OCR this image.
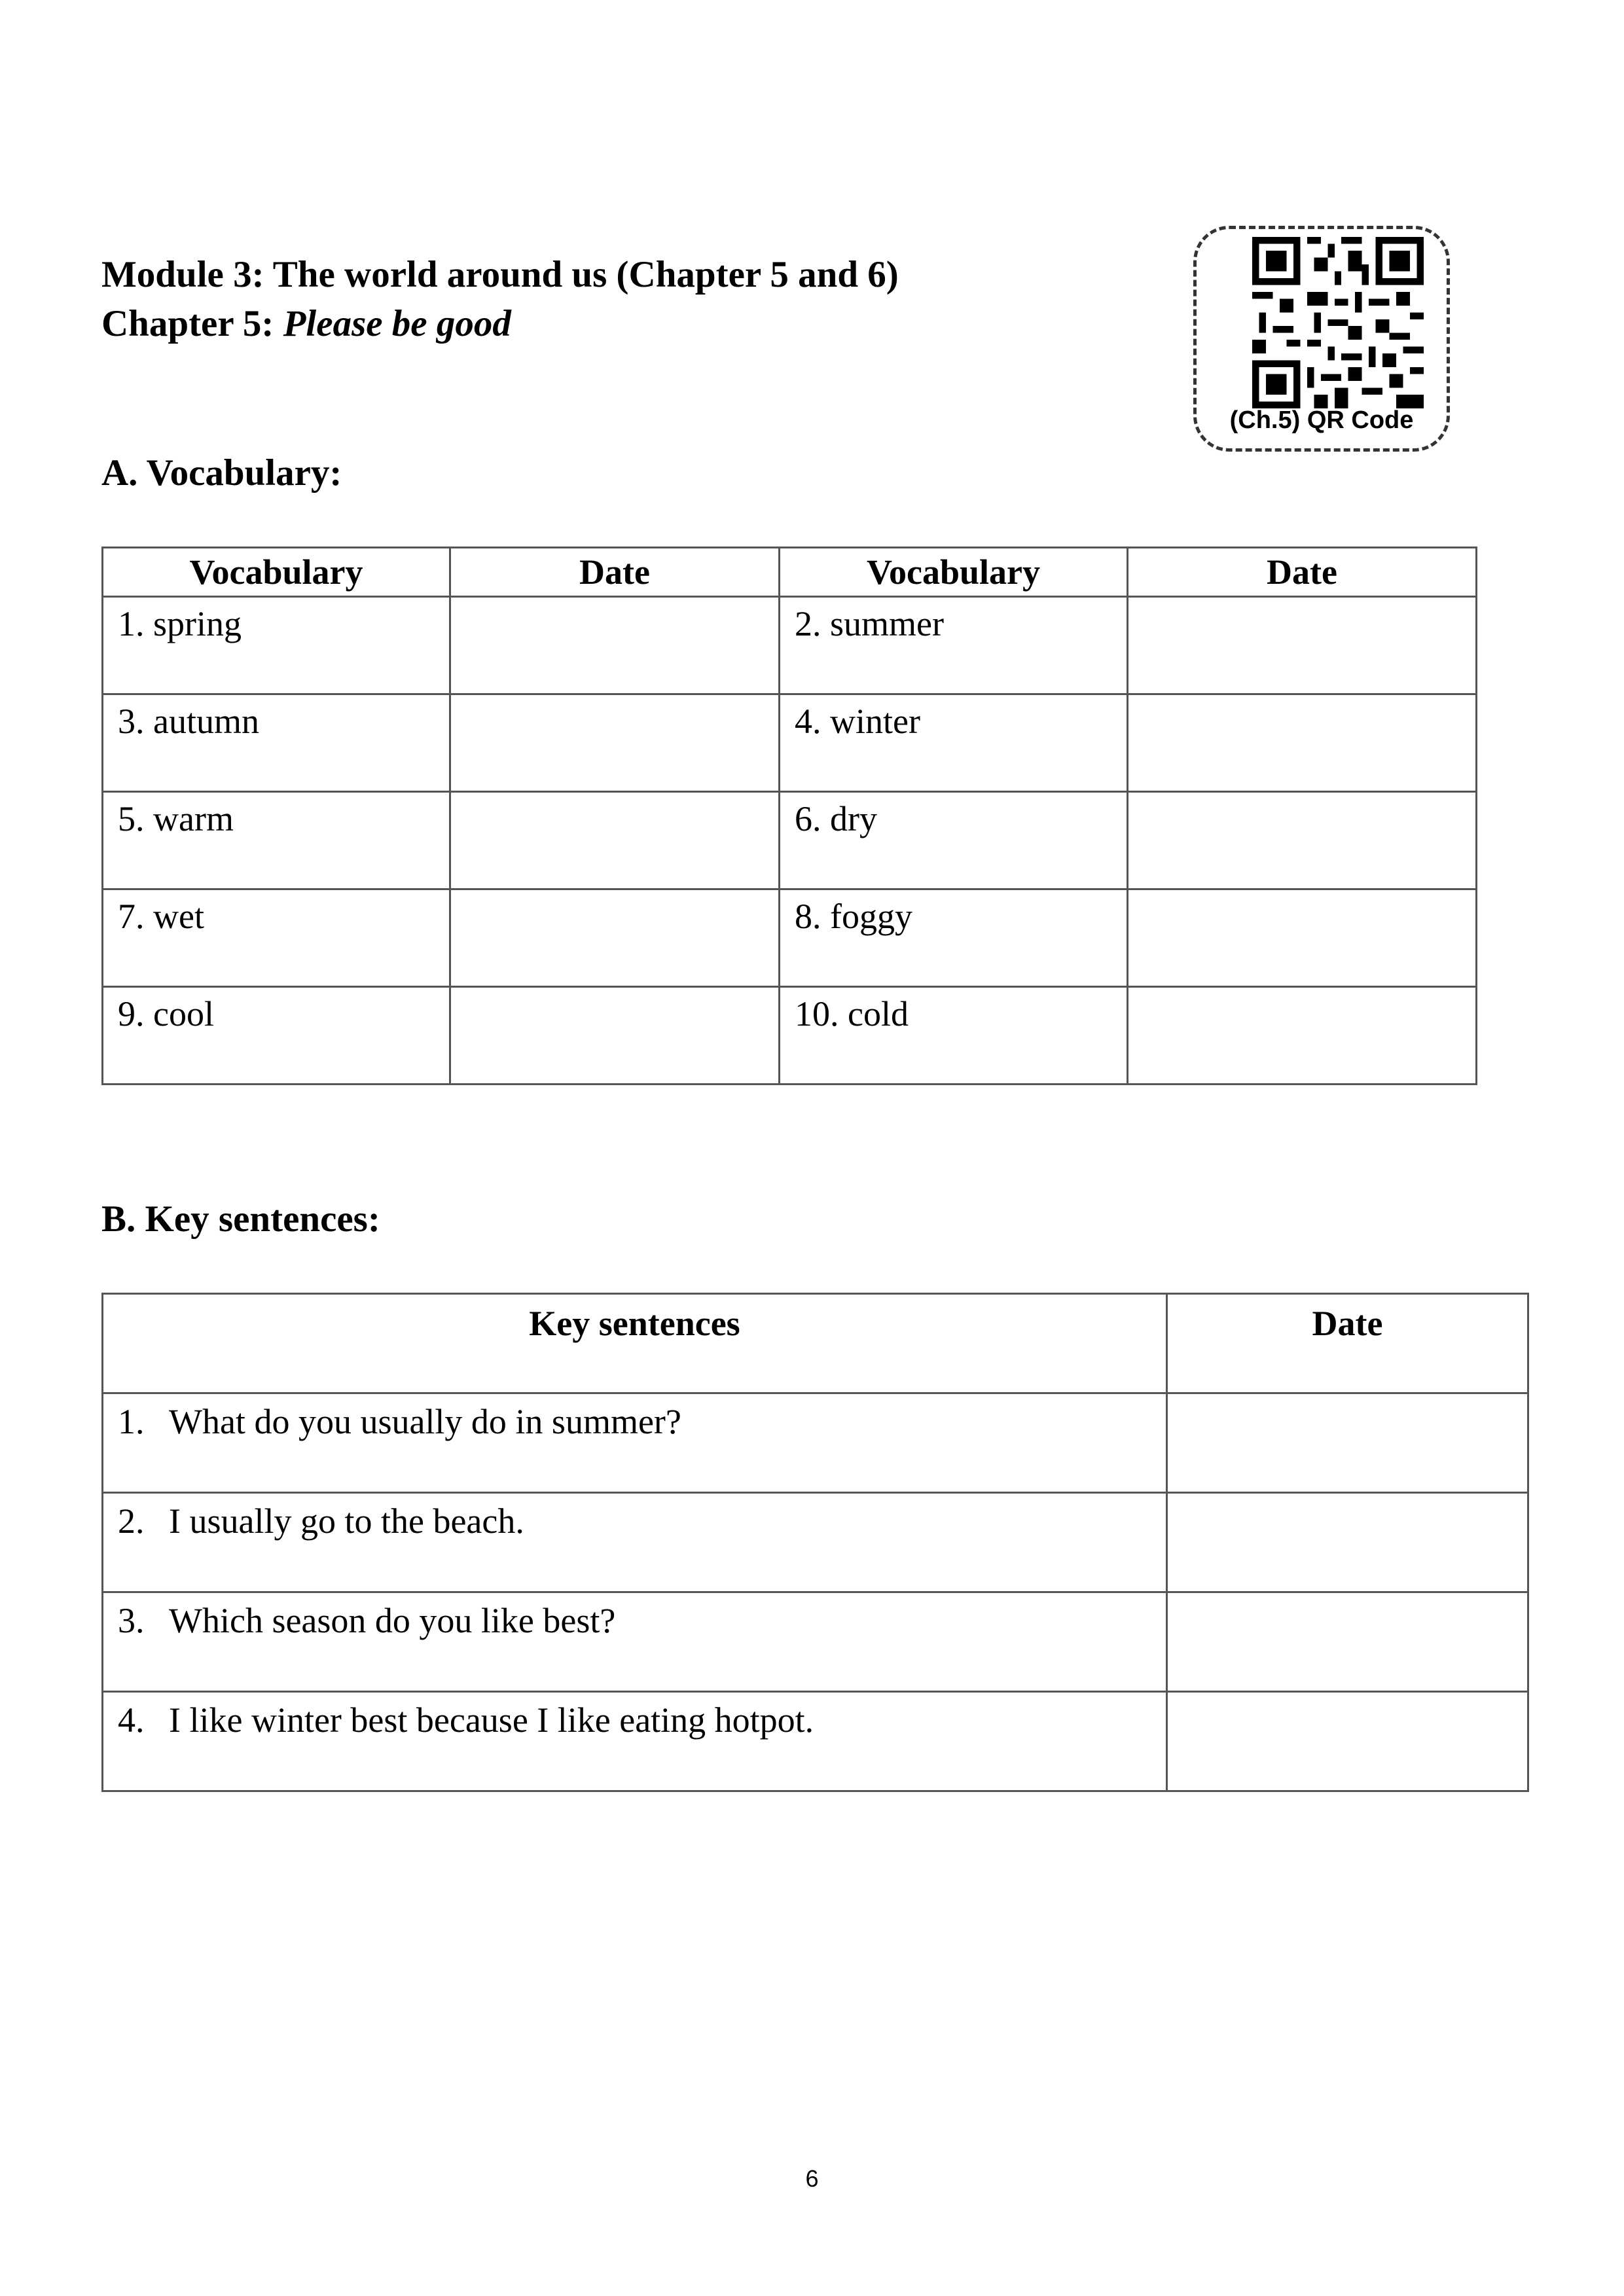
Module 3: The world around us (Chapter 5 and 6)
Chapter 5: Please be good
(Ch.5) QR Code
A. Vocabulary:
Vocabulary	Date	Vocabulary	Date
1. spring		2. summer	
3. autumn		4. winter	
5. warm		6. dry	
7. wet		8. foggy	
9. cool		10. cold	
B. Key sentences:
Key sentences	Date
1. What do you usually do in summer?	
2. I usually go to the beach.	
3. Which season do you like best?	
4. I like winter best because I like eating hotpot.	
6
